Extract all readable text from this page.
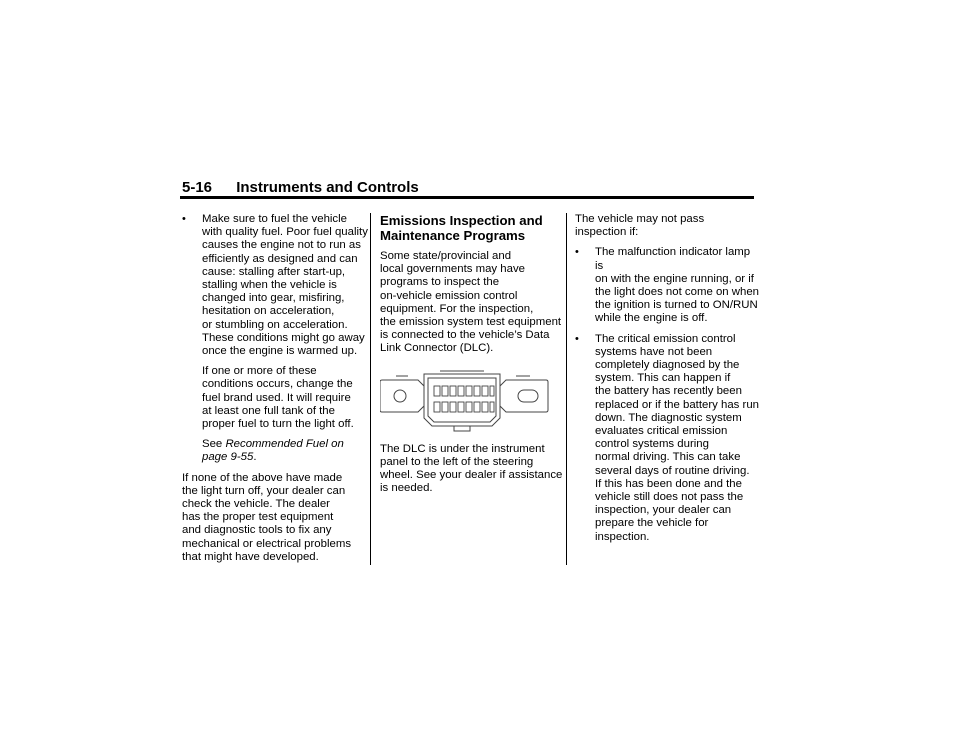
5-16 Instruments and Controls
• Make sure to fuel the vehicle
with quality fuel. Poor fuel quality
causes the engine not to run as
efficiently as designed and can
cause: stalling after start-up,
stalling when the vehicle is
changed into gear, misfiring,
hesitation on acceleration,
or stumbling on acceleration.
These conditions might go away
once the engine is warmed up.
If one or more of these
conditions occurs, change the
fuel brand used. It will require
at least one full tank of the
proper fuel to turn the light off.

See Recommended Fuel on
page 9-55.

If none of the above have made
the light turn off, your dealer can
check the vehicle. The dealer
has the proper test equipment
and diagnostic tools to fix any
mechanical or electrical problems
that might have developed.
Emissions Inspection and
Maintenance Programs
Some state/provincial and
local governments may have
programs to inspect the
on-vehicle emission control
equipment. For the inspection,
the emission system test equipment
is connected to the vehicle’s Data
Link Connector (DLC).
The DLC is under the instrument
panel to the left of the steering
wheel. See your dealer if assistance
is needed.
The vehicle may not pass
inspection if:
• The malfunction indicator lamp is
on with the engine running, or if
the light does not come on when
the ignition is turned to ON/RUN
while the engine is off.
• The critical emission control
systems have not been
completely diagnosed by the
system. This can happen if
the battery has recently been
replaced or if the battery has run
down. The diagnostic system
evaluates critical emission
control systems during
normal driving. This can take
several days of routine driving.
If this has been done and the
vehicle still does not pass the
inspection, your dealer can
prepare the vehicle for
inspection.
